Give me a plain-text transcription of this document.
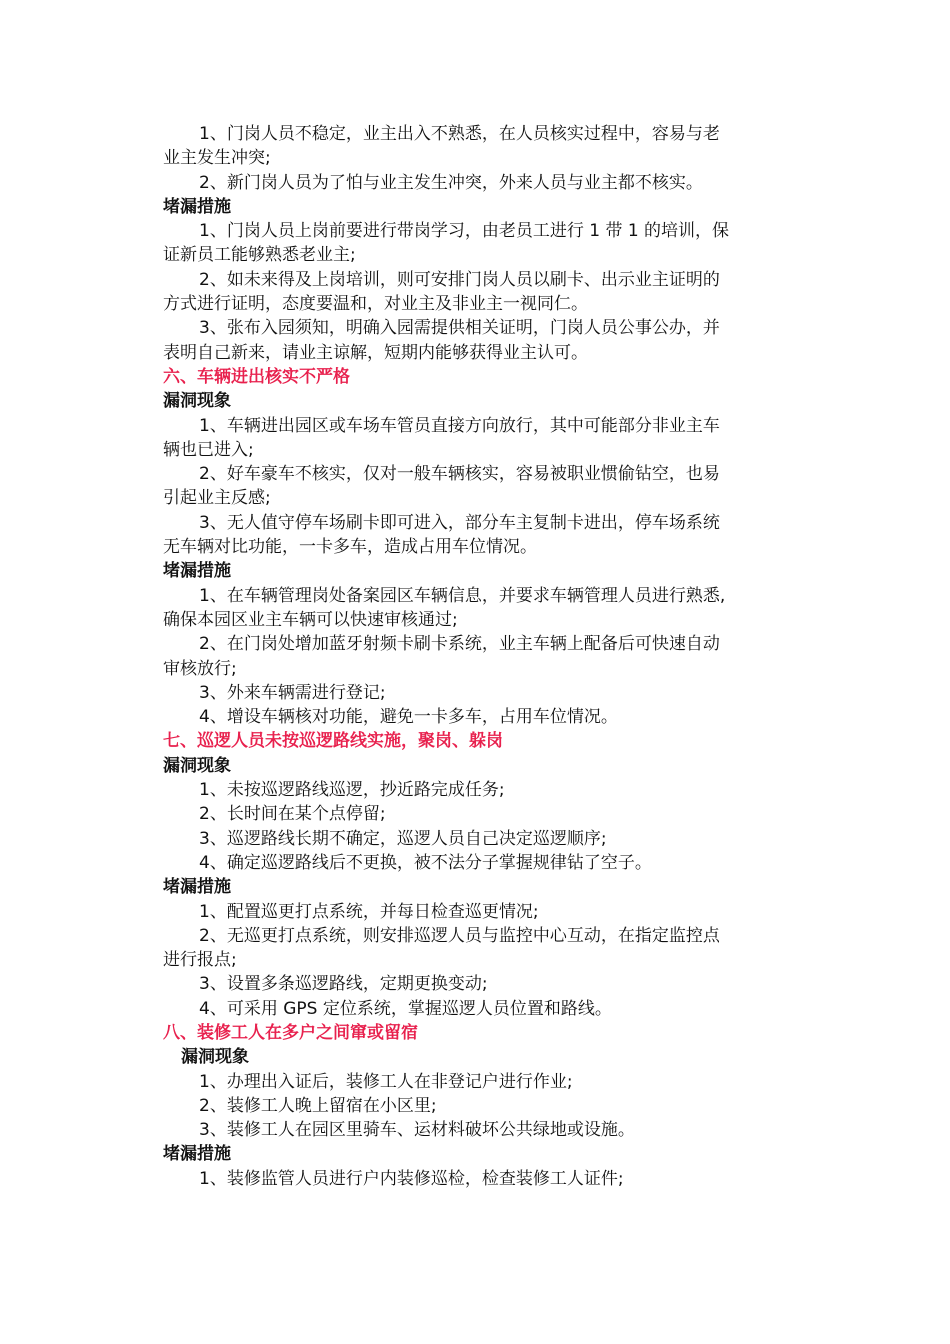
1、门岗人员不稳定，业主出入不熟悉，在人员核实过程中，容易与老
业主发生冲突;
2、新门岗人员为了怕与业主发生冲突，外来人员与业主都不核实。
堵漏措施
1、门岗人员上岗前要进行带岗学习，由老员工进行 1 带 1 的培训，保
证新员工能够熟悉老业主;
2、如未来得及上岗培训，则可安排门岗人员以刷卡、出示业主证明的
方式进行证明，态度要温和，对业主及非业主一视同仁。
3、张布入园须知，明确入园需提供相关证明，门岗人员公事公办，并
表明自己新来，请业主谅解，短期内能够获得业主认可。
六、车辆进出核实不严格
漏洞现象
1、车辆进出园区或车场车管员直接方向放行，其中可能部分非业主车
辆也已进入;
2、好车豪车不核实，仅对一般车辆核实，容易被职业惯偷钻空，也易
引起业主反感;
3、无人值守停车场刷卡即可进入，部分车主复制卡进出，停车场系统
无车辆对比功能，一卡多车，造成占用车位情况。
堵漏措施
1、在车辆管理岗处备案园区车辆信息，并要求车辆管理人员进行熟悉,
确保本园区业主车辆可以快速审核通过;
2、在门岗处增加蓝牙射频卡刷卡系统，业主车辆上配备后可快速自动
审核放行;
3、外来车辆需进行登记;
4、增设车辆核对功能，避免一卡多车，占用车位情况。
七、巡逻人员未按巡逻路线实施，聚岗、躲岗
漏洞现象
1、未按巡逻路线巡逻，抄近路完成任务;
2、长时间在某个点停留;
3、巡逻路线长期不确定，巡逻人员自己决定巡逻顺序;
4、确定巡逻路线后不更换，被不法分子掌握规律钻了空子。
堵漏措施
1、配置巡更打点系统，并每日检查巡更情况;
2、无巡更打点系统，则安排巡逻人员与监控中心互动，在指定监控点
进行报点;
3、设置多条巡逻路线，定期更换变动;
4、可采用 GPS 定位系统，掌握巡逻人员位置和路线。
八、装修工人在多户之间窜或留宿
漏洞现象
1、办理出入证后，装修工人在非登记户进行作业;
2、装修工人晚上留宿在小区里;
3、装修工人在园区里骑车、运材料破坏公共绿地或设施。
堵漏措施
1、装修监管人员进行户内装修巡检，检查装修工人证件;
